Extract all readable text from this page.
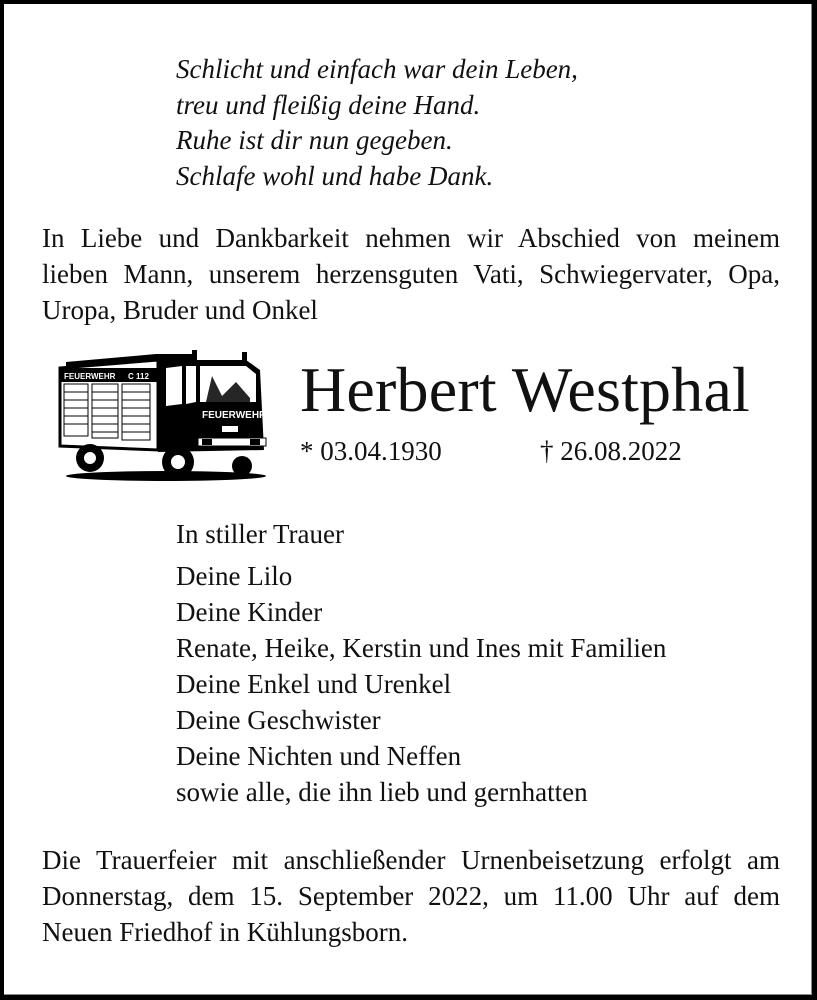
Schlicht und einfach war dein Leben,
treu und fleißig deine Hand.
Ruhe ist dir nun gegeben.
Schlafe wohl und habe Dank.
In Liebe und Dankbarkeit nehmen wir Abschied von meinem
lieben Mann, unserem herzensguten Vati, Schwiegervater, Opa,
Uropa, Bruder und Onkel
FEUERWEHR C 112
FEUERWEHR Herbert Westphal
* 03.04.1930	† 26.08.2022
In stiller Trauer
Deine Lilo
Deine Kinder
Renate, Heike, Kerstin und Ines mit Familien
Deine Enkel und Urenkel
Deine Geschwister
Deine Nichten und Neffen
sowie alle, die ihn lieb und gernhatten
Die Trauerfeier mit anschließender Urnenbeisetzung erfolgt am
Donnerstag, dem 15. September 2022, um 11.00 Uhr auf dem
Neuen Friedhof in Kühlungsborn.
